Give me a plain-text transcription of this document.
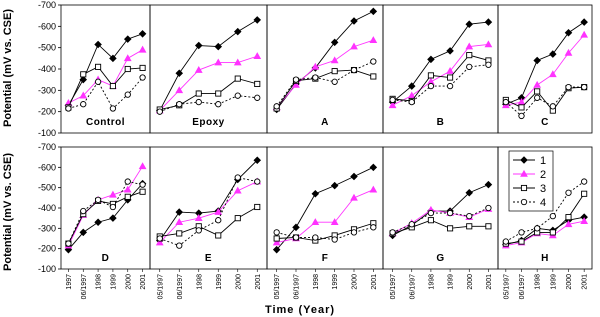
Potential (mV vs. CSE)
Potential (mV vs. CSE)
Time (Year)
-700
-600
-500
-400
-300
-200
-100
Control	Epoxy	A	B	C
-700
-600
-500
-400
-300
-200
-100
1997 06/1997 1998 1999 2000 2001
D
05/1997 06/1997 1998 1999 2000 2001
E
05/1997 06/1997 1998 1999 2000 2001
F
05/1997 06/1997 1998 1999 2000 2001
G
05/1997 06/1997 1998 1999 2000 2001
H
1
2
3
4
